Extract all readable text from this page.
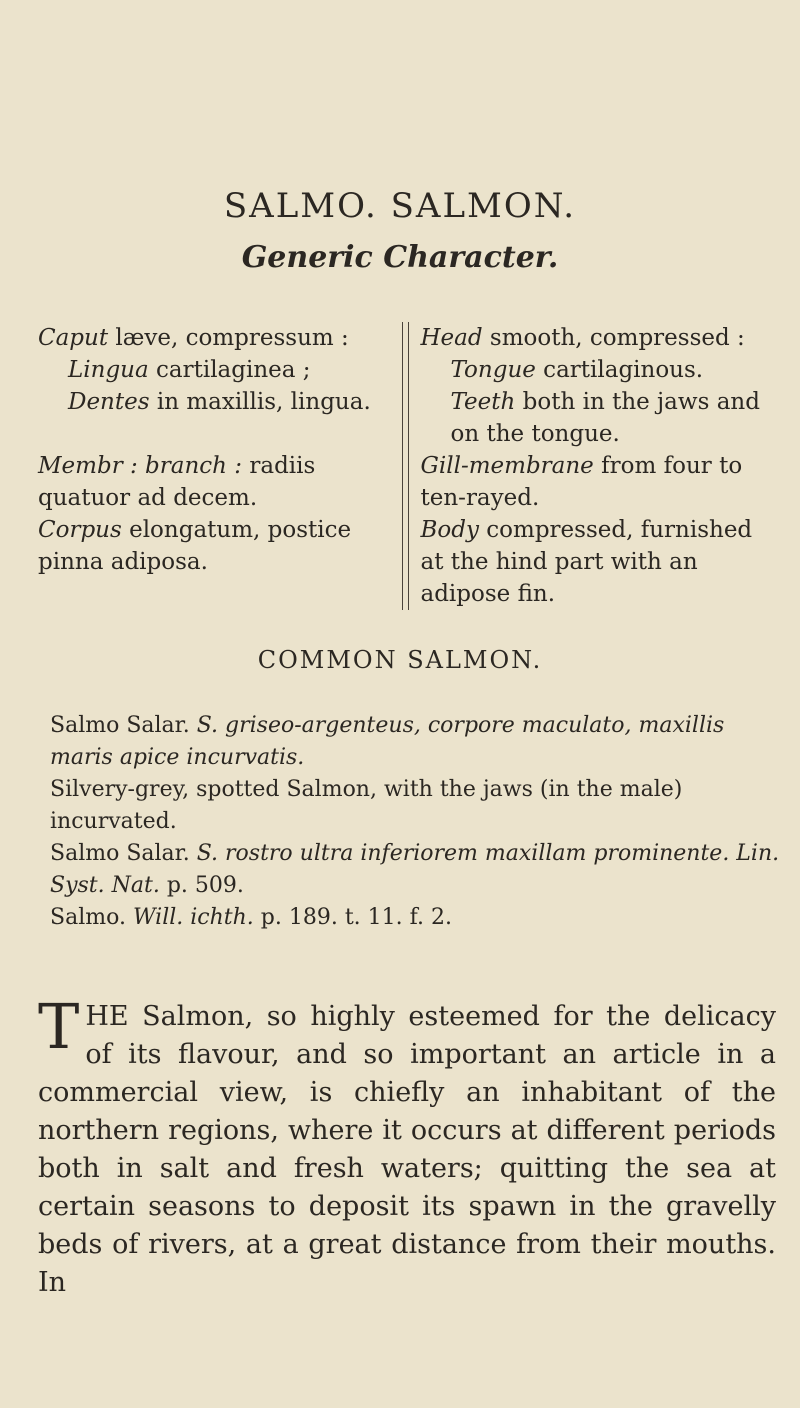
SALMO. SALMON.
Generic Character.
Caput læve, compressum :
Lingua cartilaginea ;
Dentes in maxillis, lingua.
Membr : branch : radiis quatuor ad decem.
Corpus elongatum, postice pinna adiposa.
Head smooth, compressed :
Tongue cartilaginous.
Teeth both in the jaws and on the tongue.
Gill-membrane from four to ten-rayed.
Body compressed, furnished at the hind part with an adipose fin.
COMMON SALMON.

Salmo Salar. S. griseo-argenteus, corpore maculato, maxillis maris apice incurvatis.

Silvery-grey, spotted Salmon, with the jaws (in the male) incurvated.

Salmo Salar. S. rostro ultra inferiorem maxillam prominente. Lin. Syst. Nat. p. 509.

Salmo. Will. ichth. p. 189. t. 11. f. 2.

THE Salmon, so highly esteemed for the delicacy of its flavour, and so important an article in a commercial view, is chiefly an inhabitant of the northern regions, where it occurs at different periods both in salt and fresh waters; quitting the sea at certain seasons to deposit its spawn in the gravelly beds of rivers, at a great distance from their mouths. In
